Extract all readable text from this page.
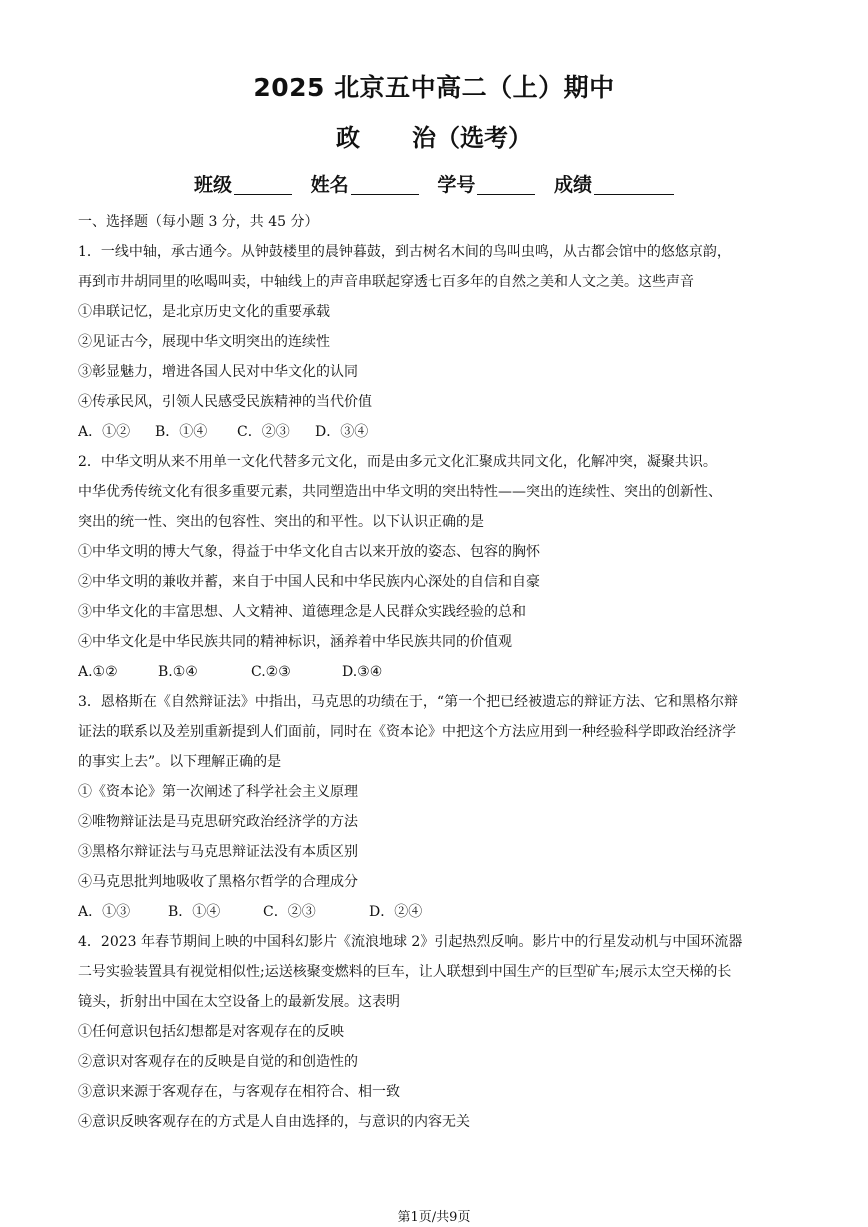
2025 北京五中高二（上）期中
政 治（选考）
班级	姓名	学号	成绩
一、选择题（每小题 3 分，共 45 分）
1．一线中轴，承古通今。从钟鼓楼里的晨钟暮鼓，到古树名木间的鸟叫虫鸣，从古都会馆中的悠悠京韵，
再到市井胡同里的吆喝叫卖，中轴线上的声音串联起穿透七百多年的自然之美和人文之美。这些声音
①串联记忆，是北京历史文化的重要承载
②见证古今，展现中华文明突出的连续性
③彰显魅力，增进各国人民对中华文化的认同
④传承民风，引领人民感受民族精神的当代价值
A．①② B．①④ C．②③ D．③④
2．中华文明从来不用单一文化代替多元文化，而是由多元文化汇聚成共同文化，化解冲突，凝聚共识。
中华优秀传统文化有很多重要元素，共同塑造出中华文明的突出特性——突出的连续性、突出的创新性、
突出的统一性、突出的包容性、突出的和平性。以下认识正确的是
①中华文明的博大气象，得益于中华文化自古以来开放的姿态、包容的胸怀
②中华文明的兼收并蓄，来自于中国人民和中华民族内心深处的自信和自豪
③中华文化的丰富思想、人文精神、道德理念是人民群众实践经验的总和
④中华文化是中华民族共同的精神标识，涵养着中华民族共同的价值观
A.①②	B.①④	C.②③	D.③④
3．恩格斯在《自然辩证法》中指出，马克思的功绩在于，“第一个把已经被遗忘的辩证方法、它和黑格尔辩
证法的联系以及差别重新提到人们面前，同时在《资本论》中把这个方法应用到一种经验科学即政治经济学
的事实上去”。以下理解正确的是
①《资本论》第一次阐述了科学社会主义原理
②唯物辩证法是马克思研究政治经济学的方法
③黑格尔辩证法与马克思辩证法没有本质区别
④马克思批判地吸收了黑格尔哲学的合理成分
A．①③	B．①④	C．②③	D．②④
4．2023 年春节期间上映的中国科幻影片《流浪地球 2》引起热烈反响。影片中的行星发动机与中国环流器
二号实验装置具有视觉相似性;运送核聚变燃料的巨车，让人联想到中国生产的巨型矿车;展示太空天梯的长
镜头，折射出中国在太空设备上的最新发展。这表明
①任何意识包括幻想都是对客观存在的反映
②意识对客观存在的反映是自觉的和创造性的
③意识来源于客观存在，与客观存在相符合、相一致
④意识反映客观存在的方式是人自由选择的，与意识的内容无关
第1页/共9页
